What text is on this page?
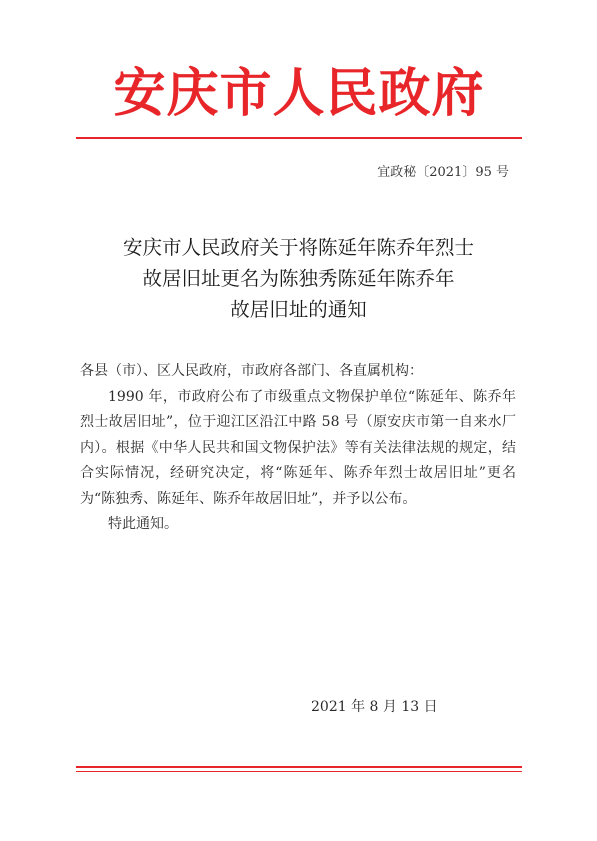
安庆市人民政府
宜政秘〔2021〕95 号
安庆市人民政府关于将陈延年陈乔年烈士
故居旧址更名为陈独秀陈延年陈乔年
故居旧址的通知

各县（市）、区人民政府，市政府各部门、各直属机构：

1990 年，市政府公布了市级重点文物保护单位“陈延年、陈乔年烈士故居旧址”，位于迎江区沿江中路 58 号（原安庆市第一自来水厂内）。根据《中华人民共和国文物保护法》等有关法律法规的规定，结合实际情况，经研究决定，将“陈延年、陈乔年烈士故居旧址”更名为“陈独秀、陈延年、陈乔年故居旧址”，并予以公布。

特此通知。

2021 年 8 月 13 日
